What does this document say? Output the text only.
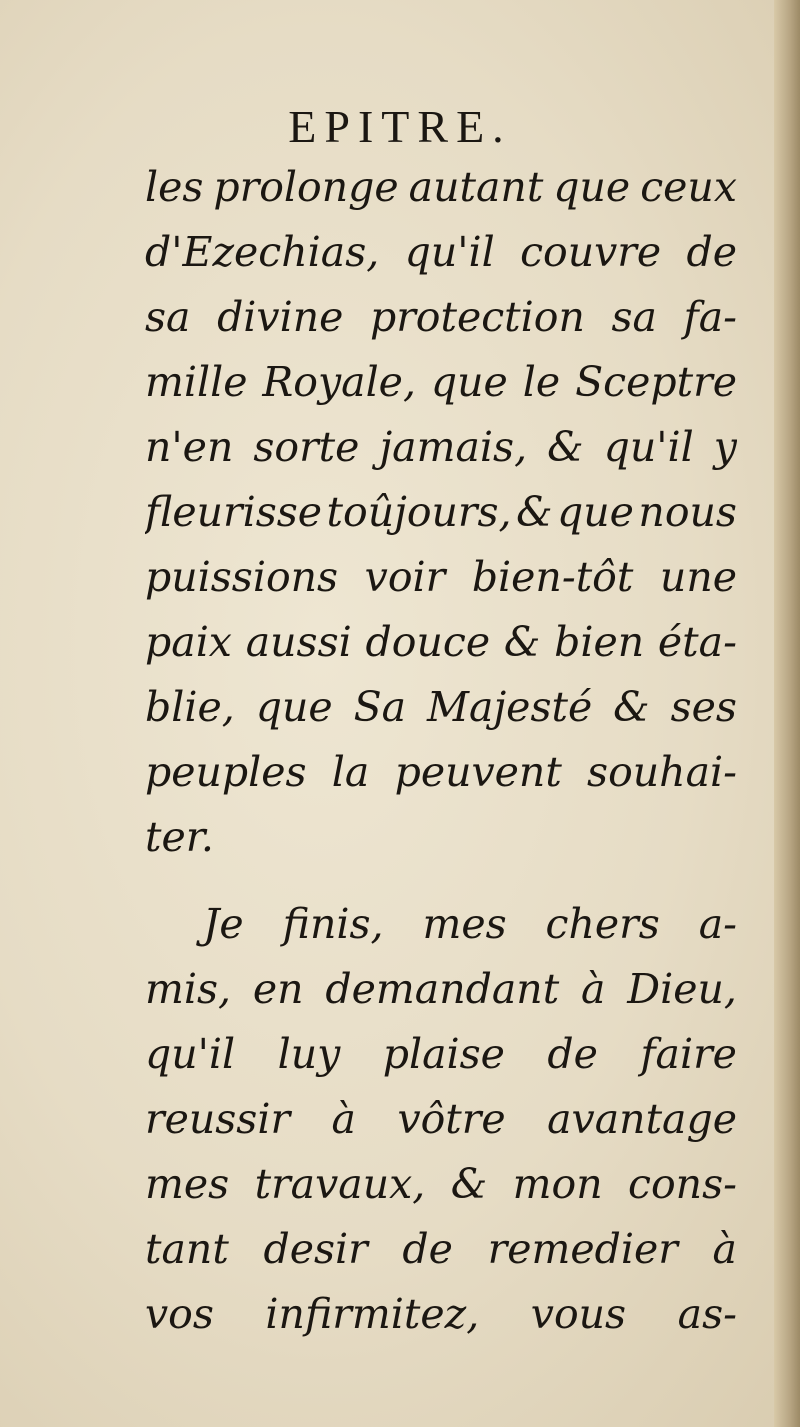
EPITRE.
les prolonge autant que ceux
d'Ezechias, qu'il couvre de
sa divine protection sa fa-
mille Royale, que le Sceptre
n'en sorte jamais, & qu'il y
fleurisse toûjours, & que nous
puissions voir bien-tôt une
paix aussi douce & bien éta-
blie, que Sa Majesté & ses
peuples la peuvent souhai-
ter.
Je finis, mes chers a-
mis, en demandant à Dieu,
qu'il luy plaise de faire
reussir à vôtre avantage
mes travaux, & mon cons-
tant desir de remedier à
vos infirmitez, vous as-
